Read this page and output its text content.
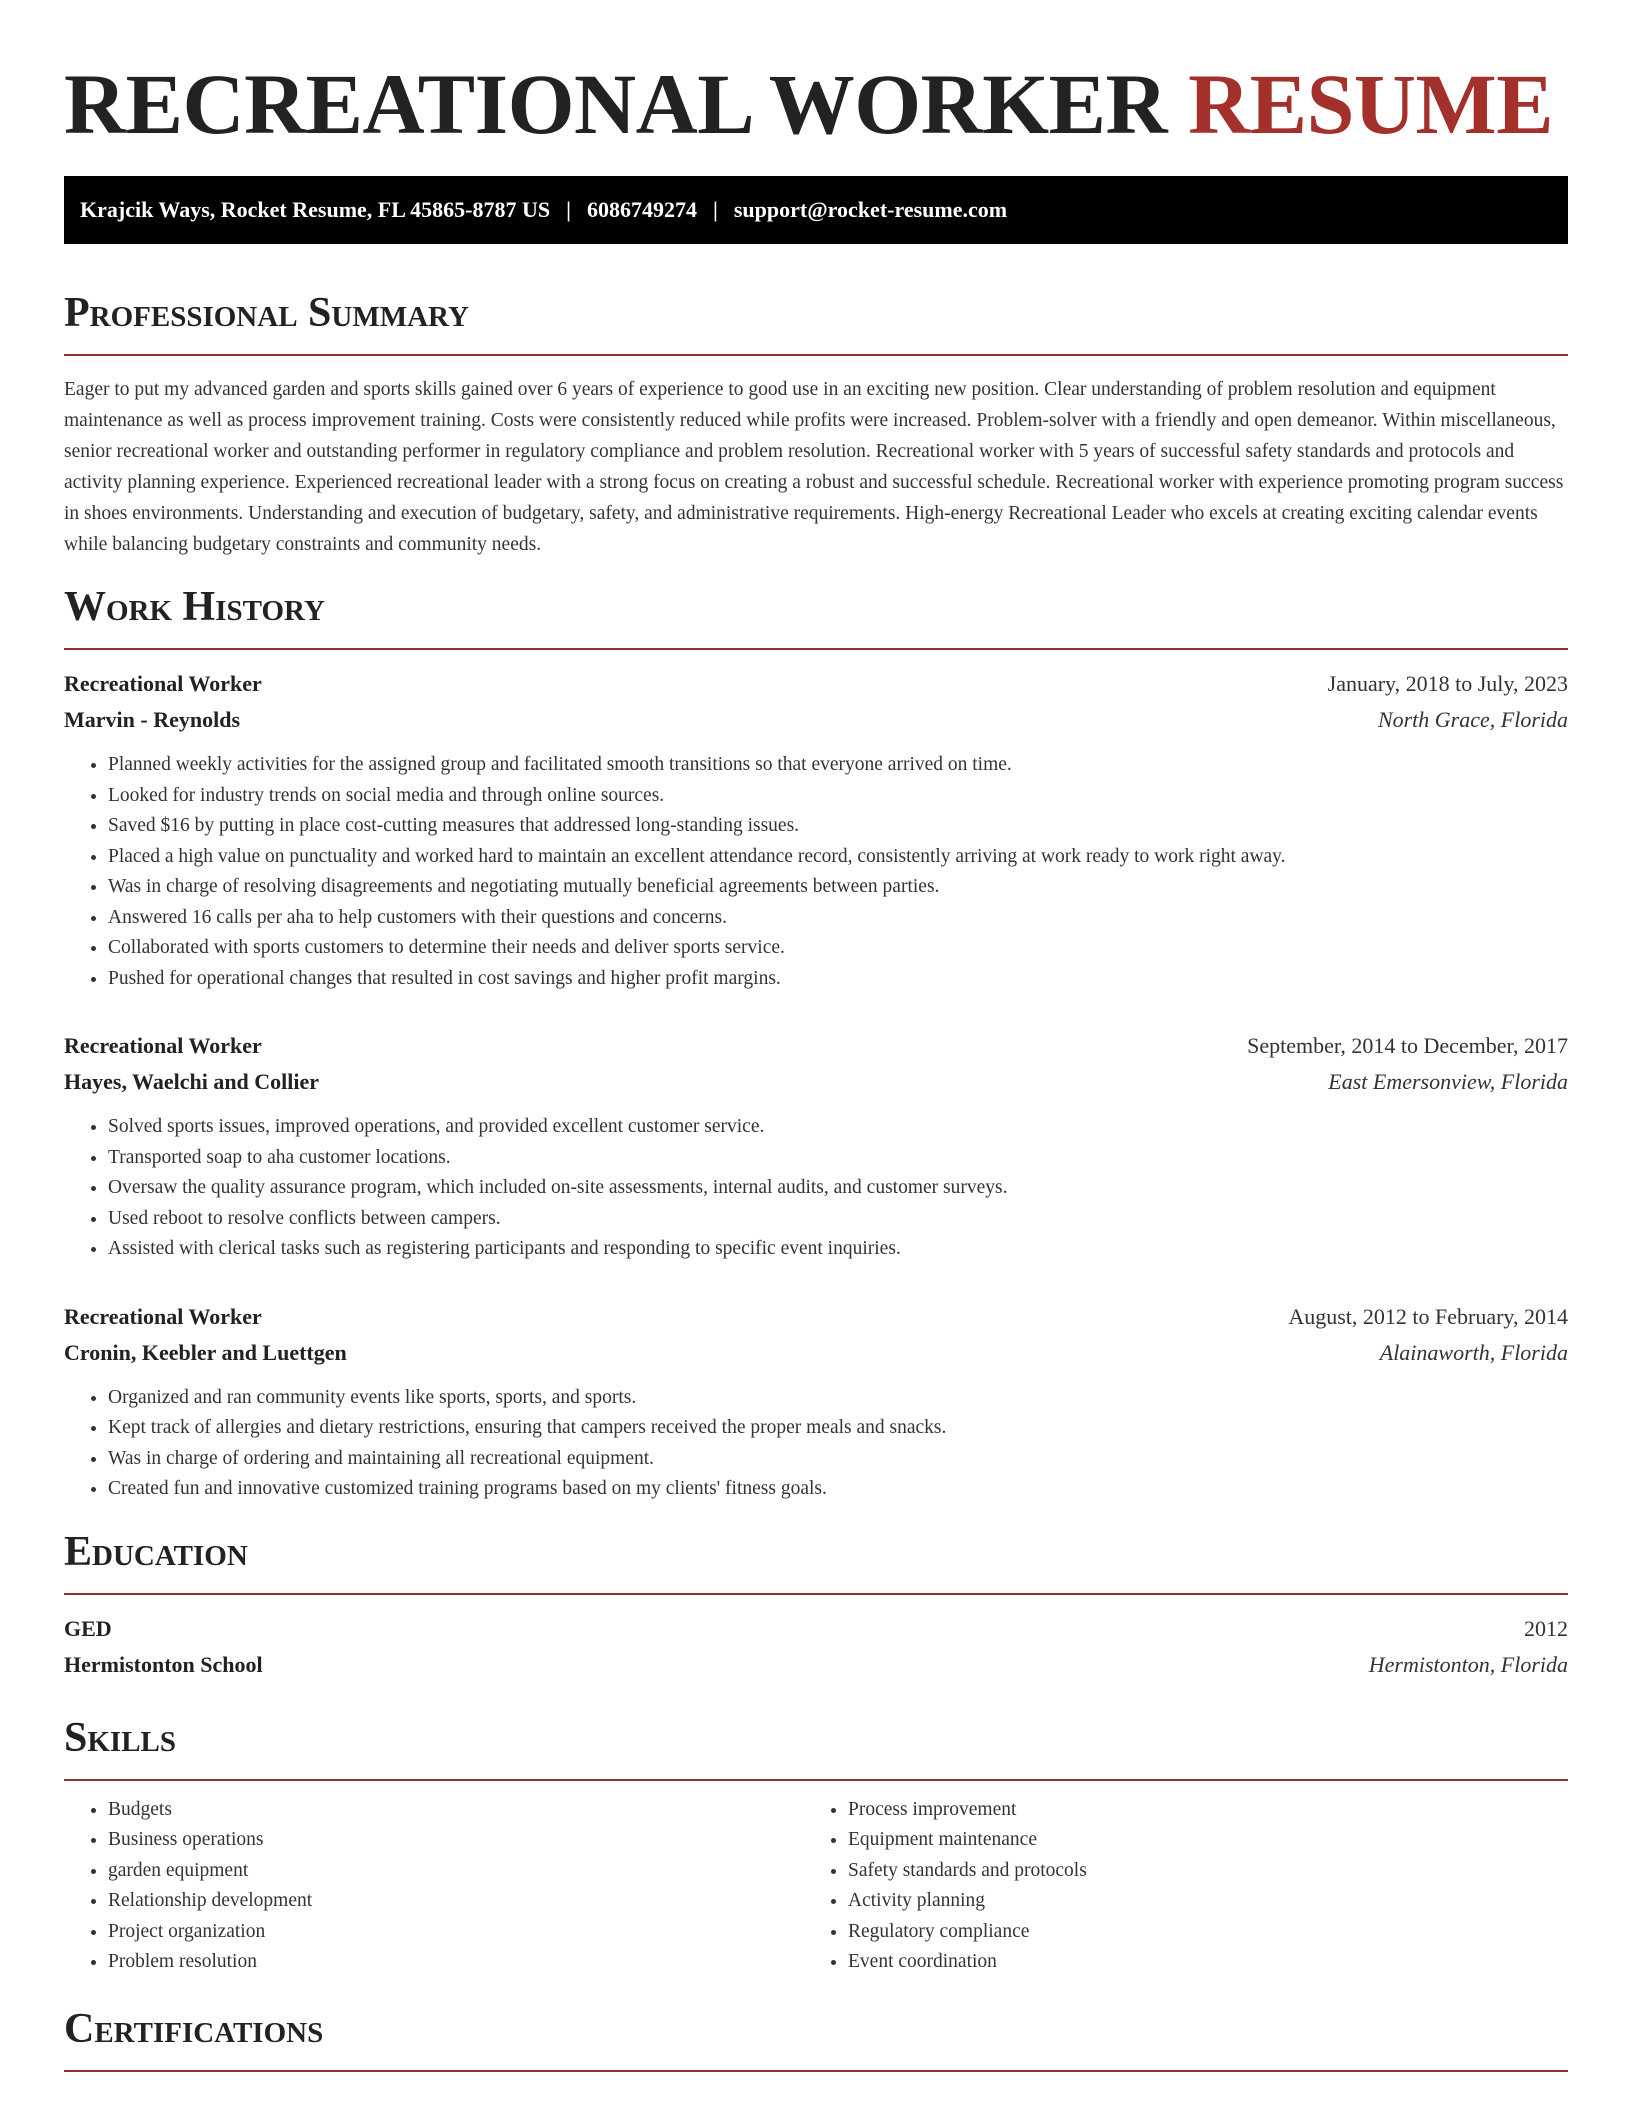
RECREATIONAL WORKER RESUME
Krajcik Ways, Rocket Resume, FL 45865-8787 US | 6086749274 | support@rocket-resume.com
Professional Summary

Eager to put my advanced garden and sports skills gained over 6 years of experience to good use in an exciting new position. Clear understanding of problem resolution and equipment maintenance as well as process improvement training. Costs were consistently reduced while profits were increased. Problem-solver with a friendly and open demeanor. Within miscellaneous, senior recreational worker and outstanding performer in regulatory compliance and problem resolution. Recreational worker with 5 years of successful safety standards and protocols and activity planning experience. Experienced recreational leader with a strong focus on creating a robust and successful schedule. Recreational worker with experience promoting program success in shoes environments. Understanding and execution of budgetary, safety, and administrative requirements. High-energy Recreational Leader who excels at creating exciting calendar events while balancing budgetary constraints and community needs.

Work History
Recreational Worker	January, 2018 to July, 2023
Marvin - Reynolds	North Grace, Florida
• Planned weekly activities for the assigned group and facilitated smooth transitions so that everyone arrived on time.
• Looked for industry trends on social media and through online sources.
• Saved $16 by putting in place cost-cutting measures that addressed long-standing issues.
• Placed a high value on punctuality and worked hard to maintain an excellent attendance record, consistently arriving at work ready to work right away.
• Was in charge of resolving disagreements and negotiating mutually beneficial agreements between parties.
• Answered 16 calls per aha to help customers with their questions and concerns.
• Collaborated with sports customers to determine their needs and deliver sports service.
• Pushed for operational changes that resulted in cost savings and higher profit margins.
Recreational Worker	September, 2014 to December, 2017
Hayes, Waelchi and Collier	East Emersonview, Florida
• Solved sports issues, improved operations, and provided excellent customer service.
• Transported soap to aha customer locations.
• Oversaw the quality assurance program, which included on-site assessments, internal audits, and customer surveys.
• Used reboot to resolve conflicts between campers.
• Assisted with clerical tasks such as registering participants and responding to specific event inquiries.
Recreational Worker	August, 2012 to February, 2014
Cronin, Keebler and Luettgen	Alainaworth, Florida
• Organized and ran community events like sports, sports, and sports.
• Kept track of allergies and dietary restrictions, ensuring that campers received the proper meals and snacks.
• Was in charge of ordering and maintaining all recreational equipment.
• Created fun and innovative customized training programs based on my clients' fitness goals.
Education
GED	2012
Hermistonton School	Hermistonton, Florida
Skills
• Budgets
• Business operations
• garden equipment
• Relationship development
• Project organization
• Problem resolution
• Process improvement
• Equipment maintenance
• Safety standards and protocols
• Activity planning
• Regulatory compliance
• Event coordination
Certifications
